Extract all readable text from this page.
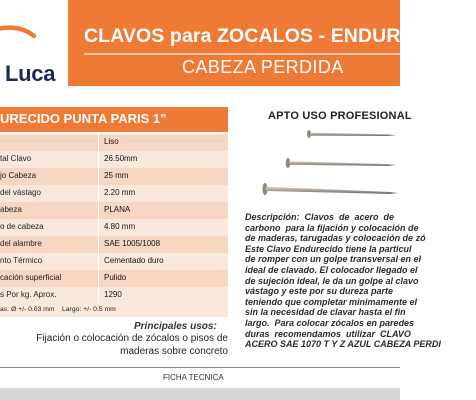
Luca
CLAVOS para ZOCALOS - ENDURECIDOS
CABEZA PERDIDA
URECIDO PUNTA PARIS 1"
Liso
tal Clavo	26.50mm
jo Cabeza	25 mm
del vástago	2.20 mm
abeza	PLANA
o de cabeza	4.80 mm
del alambre	SAE 1005/1008
nto Térmico	Cementado duro
cación superficial	Pulido
s Por kg. Aprox.	1290
as: Ø +/- 0.03 mm Largo: +/- 0.5 mm
Principales usos:
Fijación o colocación de zócalos o pisos de maderas sobre concreto
APTO USO PROFESIONAL
Descripción:  Clavos  de  acero  de
carbono  para la fijación y colocación de
de maderas, tarugadas y colocación de zó
Este Clavo Endurecido tiene la particul
de romper con un golpe transversal en el
ideal de clavado. El colocador llegado el
de sujeción ideal, le da un golpe al clavo
vástago y este por su dureza parte
teniendo que completar minimamente el
sin la necesidad de clavar hasta el fin
largo.  Para colocar zócalos en paredes
duras  recomendamos  utilizar  CLAVO
ACERO SAE 1070 T Y Z AZUL CABEZA PERDI
FICHA TECNICA
